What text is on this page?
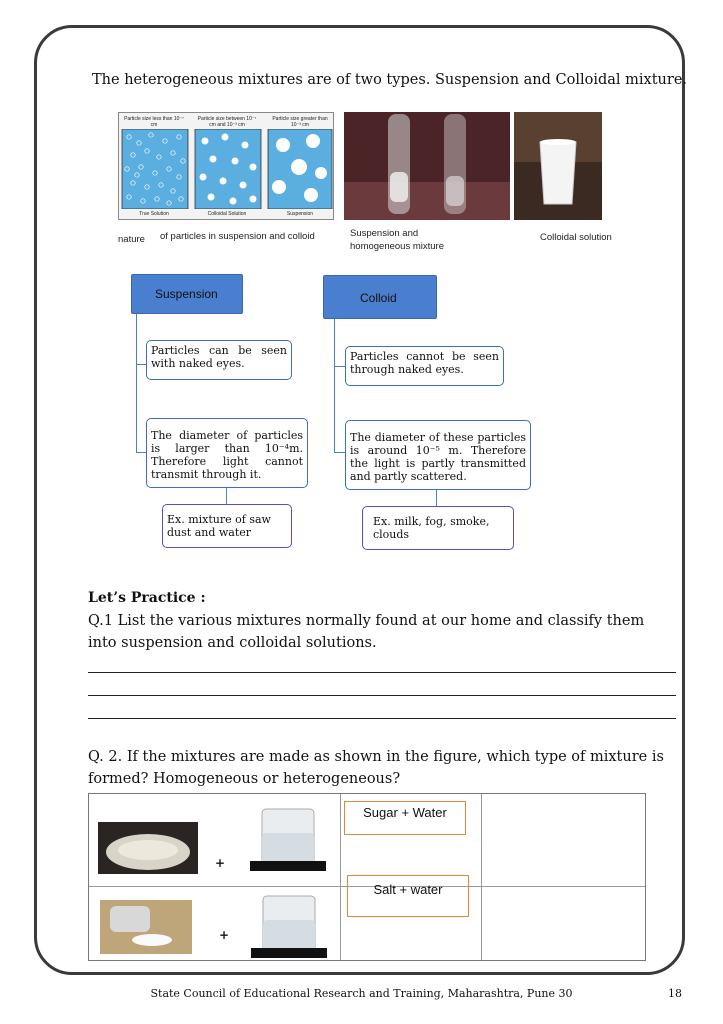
The heterogeneous mixtures are of two types. Suspension and Colloidal mixture.
Particle size less than 10⁻⁷ cm
Particle size between 10⁻⁷ cm and 10⁻³ cm
Particle size greater than 10⁻³ cm
True Solution	Colloidal Solution	Suspension
nature of particles in suspension and colloid	Suspension and
homogeneous mixture
Colloidal solution
Suspension
Particles can be seen with naked eyes.
The diameter of particles is larger than 10⁻⁴m. Therefore light cannot transmit through it.
Ex. mixture of saw dust and water
Colloid
Particles cannot be seen through naked eyes.
The diameter of these particles is around 10⁻⁵ m. Therefore the light is partly transmitted and partly scattered.
Ex. milk, fog, smoke, clouds
Let’s Practice :
Q.1 List the various mixtures normally found at our home and classify them into suspension and colloidal solutions.
Q. 2. If the mixtures are made as shown in the figure, which type of mixture is formed? Homogeneous or heterogeneous?
+
Sugar + Water
+
Salt + water
State Council of Educational Research and Training, Maharashtra, Pune 30	18
